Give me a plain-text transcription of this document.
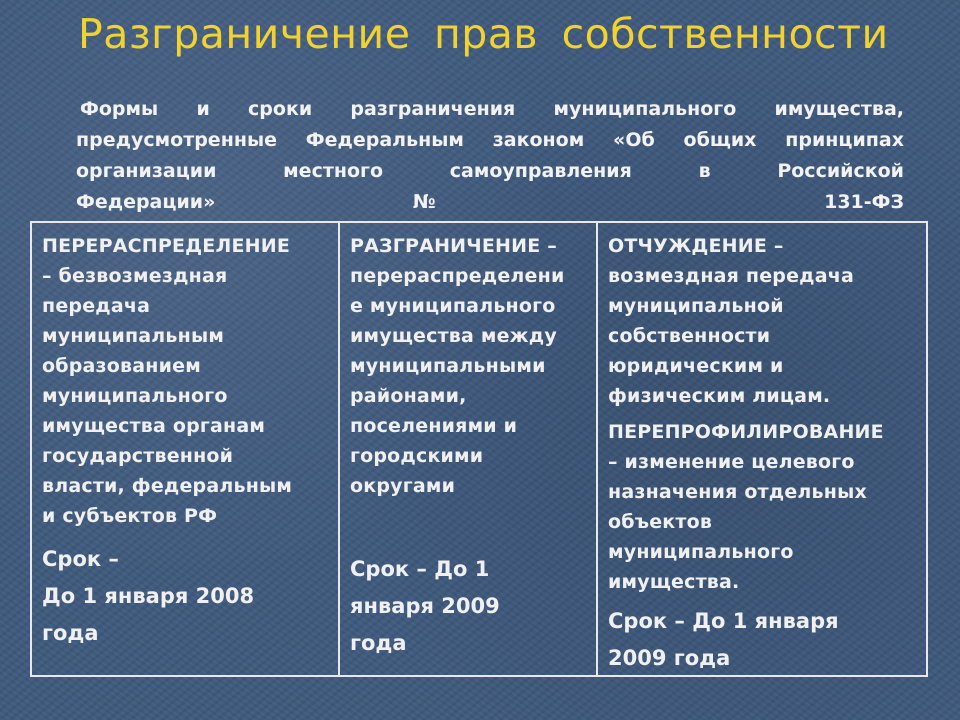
Разграничение прав собственности
Формы и сроки разграничения муниципального имущества,
предусмотренные Федеральным законом «Об общих принципах
организации местного самоуправления в Российской
Федерации» № 131-ФЗ

ПЕРЕРАСПРЕДЕЛЕНИЕ

– безвозмездная

передача

муниципальным

образованием

муниципального

имущества органам

государственной

власти, федеральным

и субъектов РФ

Срок –

До 1 января 2008

года

РАЗГРАНИЧЕНИЕ –

перераспределени

е муниципального

имущества между

муниципальными

районами,

поселениями и

городскими

округами

Срок – До 1

января 2009

года

ОТЧУЖДЕНИЕ –

возмездная передача

муниципальной

собственности

юридическим и

физическим лицам.

ПЕРЕПРОФИЛИРОВАНИЕ

– изменение целевого

назначения отдельных

объектов

муниципального

имущества.

Срок – До 1 января

2009 года
